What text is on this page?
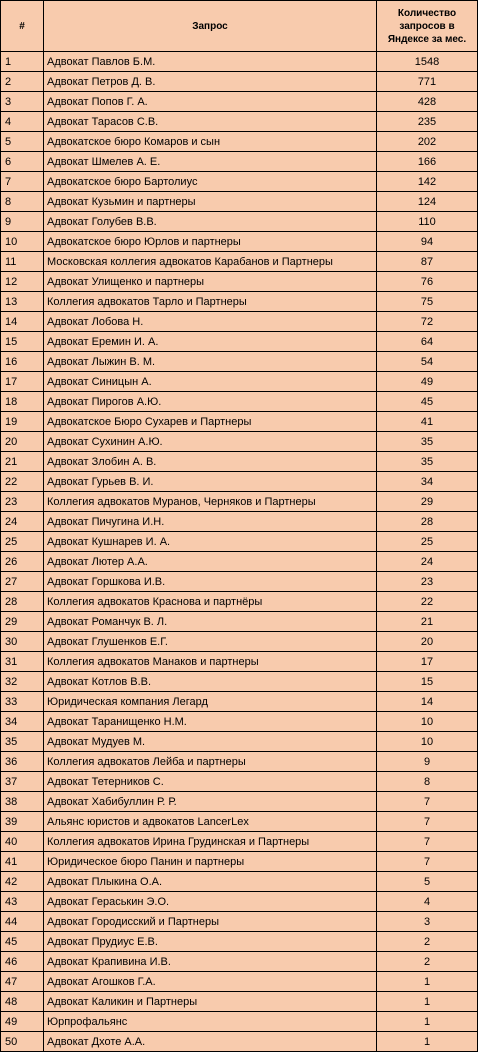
#	Запрос	Количество запросов в Яндексе за мес.
1	Адвокат Павлов Б.М.	1548
2	Адвокат Петров Д. В.	771
3	Адвокат Попов Г. А.	428
4	Адвокат Тарасов С.В.	235
5	Адвокатское бюро Комаров и сын	202
6	Адвокат Шмелев А. Е.	166
7	Адвокатское бюро Бартолиус	142
8	Адвокат Кузьмин и партнеры	124
9	Адвокат Голубев В.В.	110
10	Адвокатское бюро Юрлов и партнеры	94
11	Московская коллегия адвокатов Карабанов и Партнеры	87
12	Адвокат Улищенко и партнеры	76
13	Коллегия адвокатов Тарло и Партнеры	75
14	Адвокат Лобова Н.	72
15	Адвокат Еремин И. А.	64
16	Адвокат Лыжин В. М.	54
17	Адвокат Синицын А.	49
18	Адвокат Пирогов А.Ю.	45
19	Адвокатское Бюро Сухарев и Партнеры	41
20	Адвокат Сухинин А.Ю.	35
21	Адвокат Злобин А. В.	35
22	Адвокат Гурьев В. И.	34
23	Коллегия адвокатов Муранов, Черняков и Партнеры	29
24	Адвокат Пичугина И.Н.	28
25	Адвокат Кушнарев И. А.	25
26	Адвокат Лютер А.А.	24
27	Адвокат Горшкова И.В.	23
28	Коллегия адвокатов Краснова и партнёры	22
29	Адвокат Романчук В. Л.	21
30	Адвокат Глушенков Е.Г.	20
31	Коллегия адвокатов Манаков и партнеры	17
32	Адвокат Котлов В.В.	15
33	Юридическая компания Легард	14
34	Адвокат Таранищенко Н.М.	10
35	Адвокат Мудуев М.	10
36	Коллегия адвокатов Лейба и партнеры	9
37	Адвокат Тетерников С.	8
38	Адвокат Хабибуллин Р. Р.	7
39	Альянс юристов и адвокатов LancerLex	7
40	Коллегия адвокатов Ирина Грудинская и Партнеры	7
41	Юридическое бюро Панин и партнеры	7
42	Адвокат Плыкина О.А.	5
43	Адвокат Гераськин Э.О.	4
44	Адвокат Городисский и Партнеры	3
45	Адвокат Прудиус Е.В.	2
46	Адвокат Крапивина И.В.	2
47	Адвокат Агошков Г.А.	1
48	Адвокат Каликин и Партнеры	1
49	Юрпрофальянс	1
50	Адвокат Дхоте А.А.	1
